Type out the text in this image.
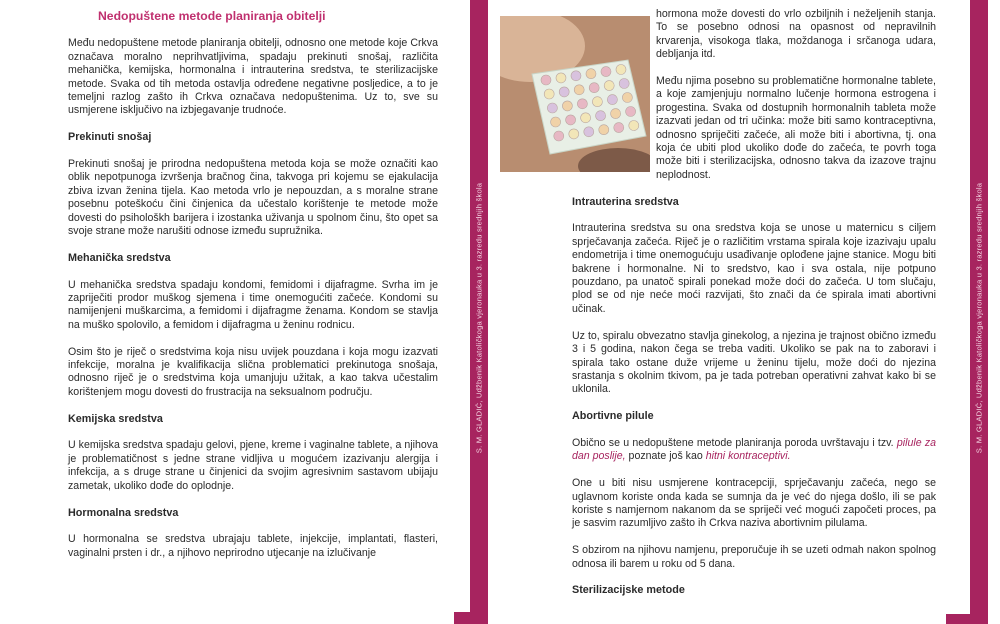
S. M. GLADIĆ, Udžbenik Katoličkoga vjeronauka u 3. razredu srednjih škola	S. M. GLADIĆ, Udžbenik Katoličkoga vjeronauka u 3. razredu srednjih škola
Nedopuštene metode planiranja obitelji

Među nedopuštene metode planiranja obitelji, odnosno one metode koje Crkva označava moralno neprihvatljivima, spadaju prekinuti snošaj, različita mehanička, kemijska, hormonalna i intrauterina sredstva, te sterilizacijske metode. Svaka od tih metoda ostavlja određene negativne posljedice, a to je temeljni razlog zašto ih Crkva označava nedopuštenima. Uz to, sve su usmjerene isključivo na izbjegavanje trudnoće.

Prekinuti snošaj

Prekinuti snošaj je prirodna nedopuštena metoda koja se može označiti kao oblik nepotpunoga izvršenja bračnog čina, takvoga pri kojemu se ejakulacija zbiva izvan ženina tijela. Kao metoda vrlo je nepouzdan, a s moralne strane posebnu poteškoću čini činjenica da učestalo korištenje te metode može dovesti do psihološkh barijera i izostanka uživanja u spolnom činu, što opet sa svoje strane može narušiti odnose između supružnika.

Mehanička sredstva

U mehanička sredstva spadaju kondomi, femidomi i dijafragme. Svrha im je zapriječiti prodor muškog sjemena i time onemogućiti začeće. Kondomi su namijenjeni muškarcima, a femidomi i dijafragme ženama. Kondom se stavlja na muško spolovilo, a femidom i dijafragma u ženinu rodnicu.

Osim što je riječ o sredstvima koja nisu uvijek pouzdana i koja mogu izazvati infekcije, moralna je kvalifikacija slična problematici prekinutoga snošaja, odnosno riječ je o sredstvima koja umanjuju užitak, a kao takva učestalim korištenjem mogu dovesti do frustracija na seksualnom području.

Kemijska sredstva

U kemijska sredstva spadaju gelovi, pjene, kreme i vaginalne tablete, a njihova je problematičnost s jedne strane vidljiva u mogućem izazivanju alergija i infekcija, a s druge strane u činjenici da svojim agresivnim sastavom ubijaju zametak, ukoliko dođe do oplodnje.

Hormonalna sredstva

U hormonalna se sredstva ubrajaju tablete, injekcije, implantati, flasteri, vaginalni prsten i dr., a njihovo neprirodno utjecanje na izlučivanje

hormona može dovesti do vrlo ozbiljnih i neželjenih stanja. To se posebno odnosi na opasnost od nepravilnih krvarenja, visokoga tlaka, moždanoga i srčanoga udara, debljanja itd.

Među njima posebno su problematične hormonalne tablete, a koje zamjenjuju normalno lučenje hormona estrogena i progestina. Svaka od dostupnih hormonalnih tableta može izazvati jedan od tri učinka: može biti samo kontraceptivna, odnosno spriječiti začeće, ali može biti i abortivna, tj. ona koja će ubiti plod ukoliko dođe do začeća, te povrh toga može biti i sterilizacijska, odnosno takva da izazove trajnu neplodnost.

Intrauterina sredstva

Intrauterina sredstva su ona sredstva koja se unose u maternicu s ciljem sprječavanja začeća. Riječ je o različitim vrstama spirala koje izazivaju upalu endometrija i time onemogućuju usađivanje oplođene jajne stanice. Mogu biti bakrene i hormonalne. Ni to sredstvo, kao i sva ostala, nije potpuno pouzdano, pa unatoč spirali ponekad može doći do začeća. U tom slučaju, plod se od nje neće moći razvijati, što znači da će spirala imati abortivni učinak.

Uz to, spiralu obvezatno stavlja ginekolog, a njezina je trajnost obično između 3 i 5 godina, nakon čega se treba vaditi. Ukoliko se pak na to zaboravi i spirala tako ostane duže vrijeme u ženinu tijelu, može doći do njezina srastanja s okolnim tkivom, pa je tada potreban operativni zahvat kako bi se uklonila.

Abortivne pilule

Obično se u nedopuštene metode planiranja poroda uvrštavaju i tzv. pilule za dan poslije, poznate još kao hitni kontraceptivi.

One u biti nisu usmjerene kontracepciji, sprječavanju začeća, nego se uglavnom koriste onda kada se sumnja da je već do njega došlo, ili se pak koriste s namjernom nakanom da se spriječi već mogući započeti proces, pa je sasvim razumljivo zašto ih Crkva naziva abortivnim pilulama.

S obzirom na njihovu namjenu, preporučuje ih se uzeti odmah nakon spolnog odnosa ili barem u roku od 5 dana.

Sterilizacijske metode
